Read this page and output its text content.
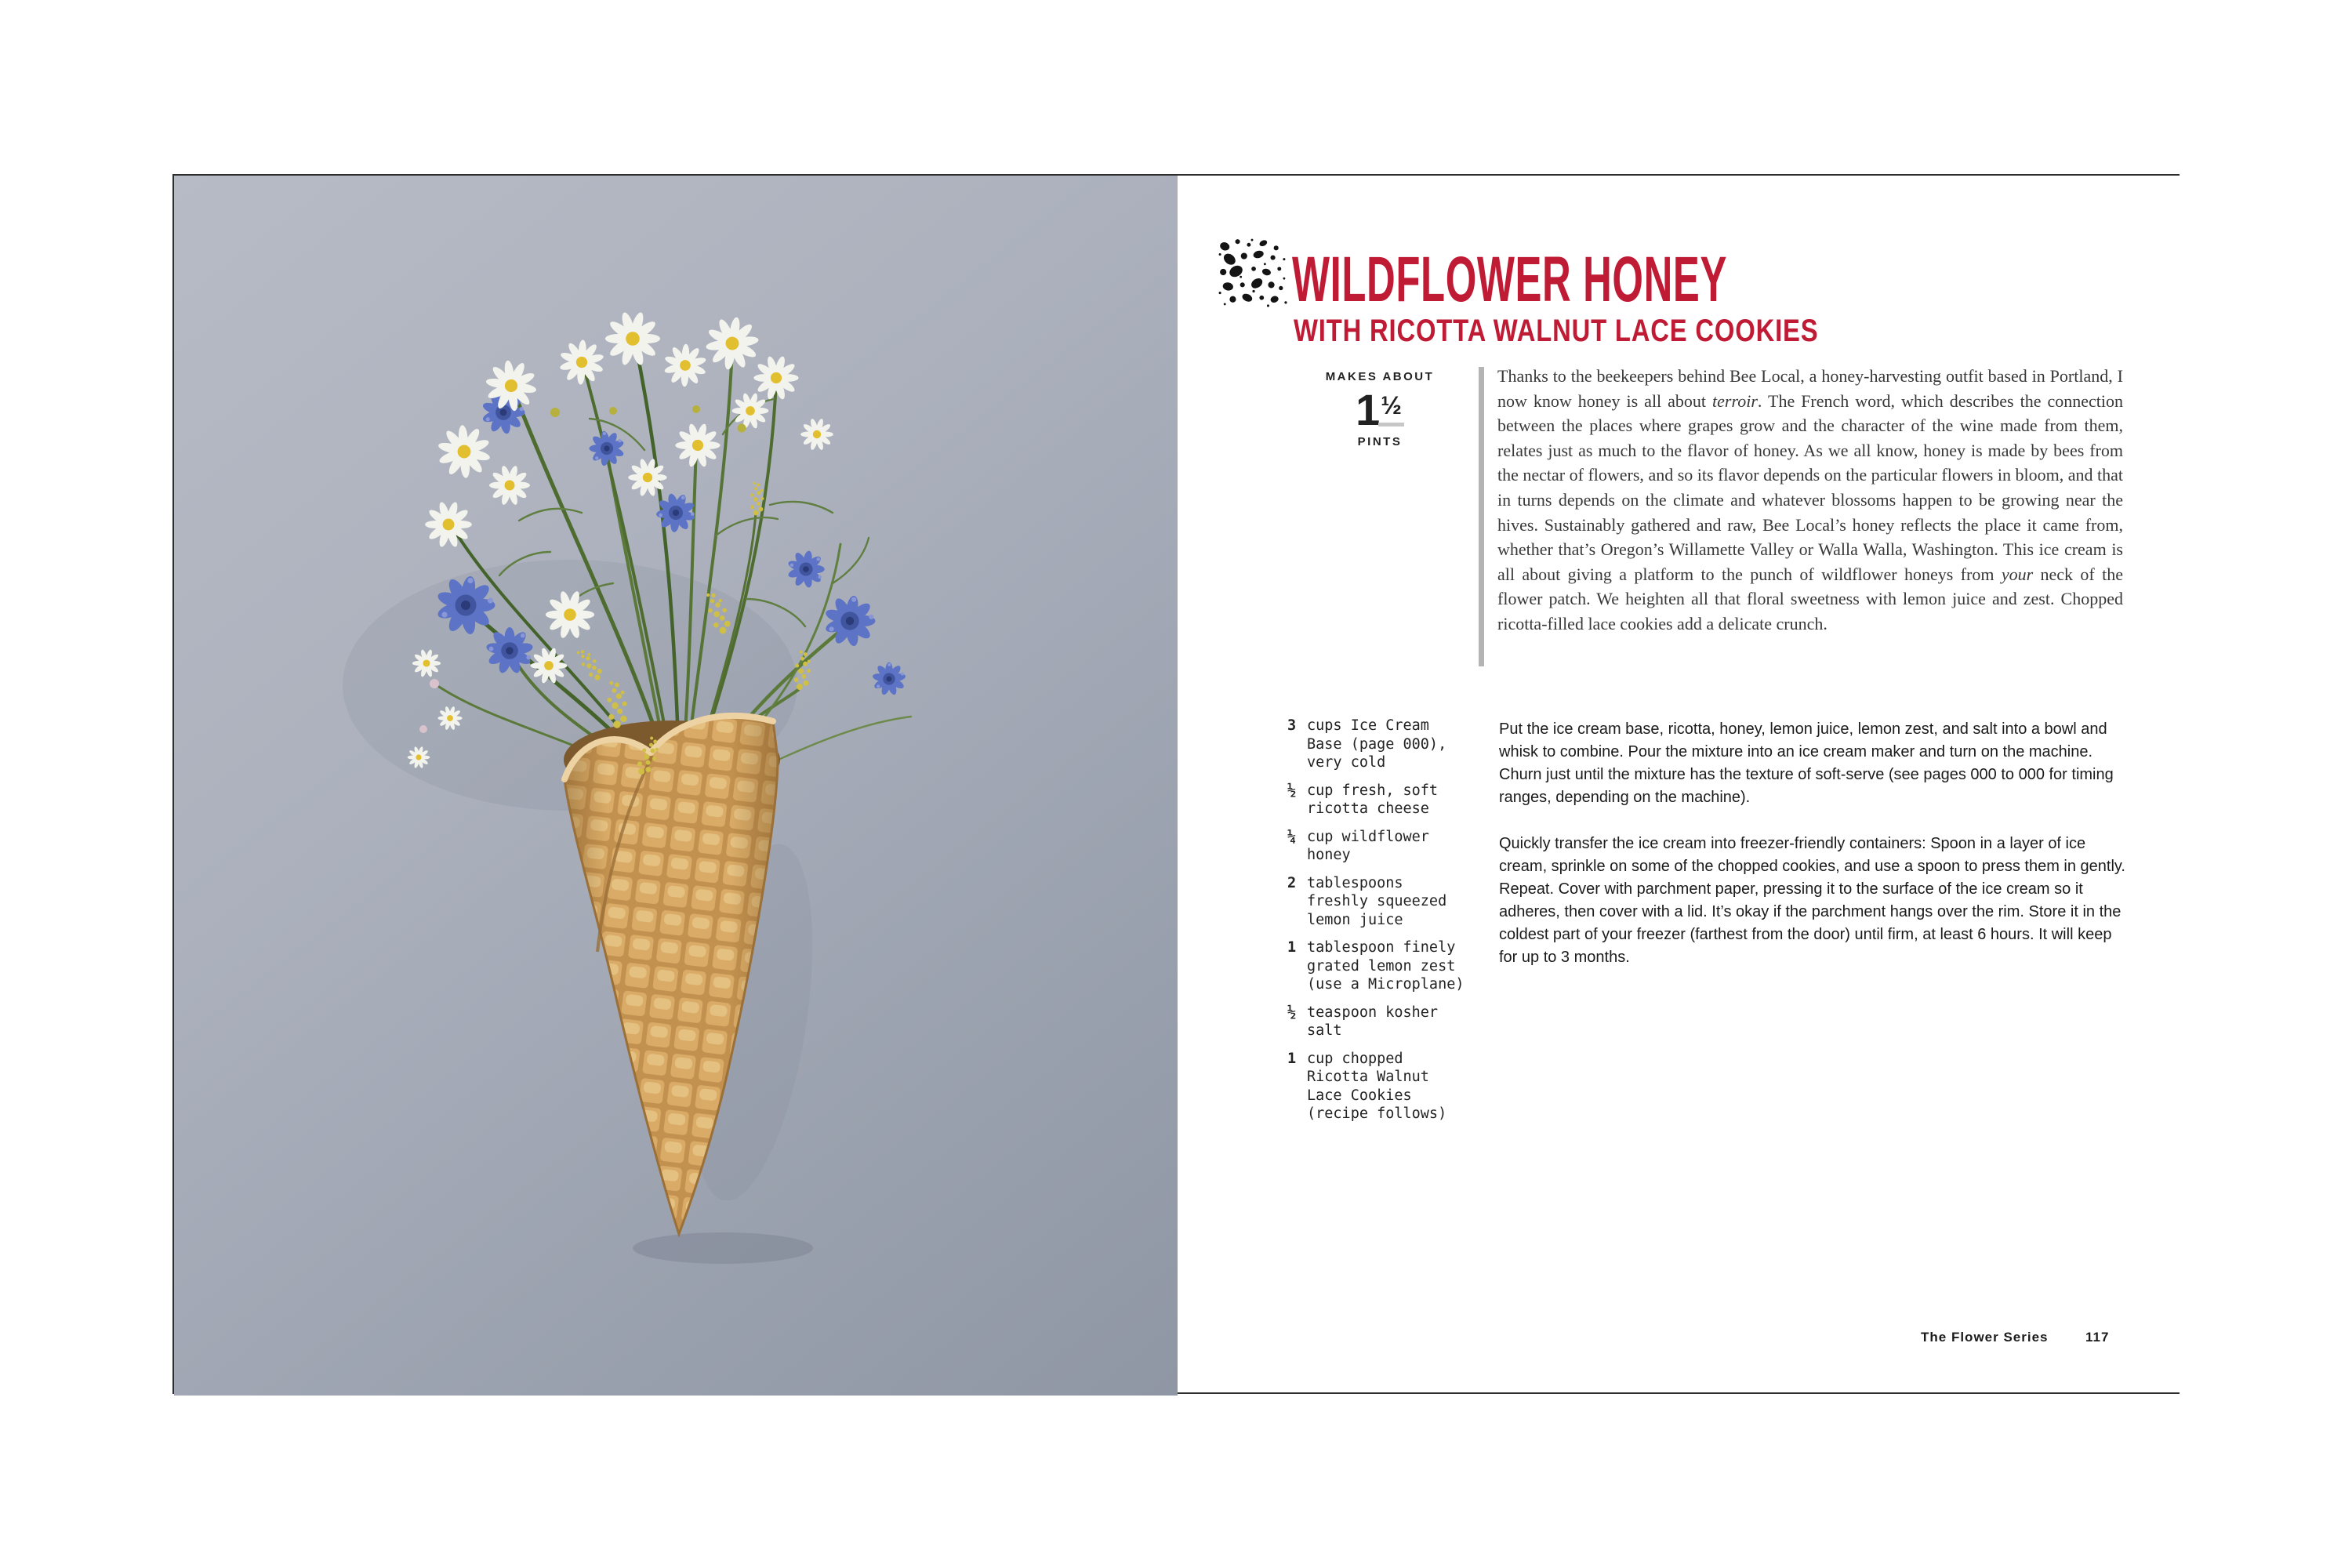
WILDFLOWER HONEY
WITH RICOTTA WALNUT LACE COOKIES
MAKES ABOUT
1½
PINTS

Thanks to the beekeepers behind Bee Local, a honey-harvesting outfit based in Portland, I now know honey is all about terroir. The French word, which describes the connection between the places where grapes grow and the character of the wine made from them, relates just as much to the flavor of honey. As we all know, honey is made by bees from the nectar of flowers, and so its flavor depends on the particular flowers in bloom, and that in turns depends on the climate and whatever blossoms happen to be growing near the hives. Sustainably gathered and raw, Bee Local’s honey reflects the place it came from, whether that’s Oregon’s Willamette Valley or Walla Walla, Washington. This ice cream is all about giving a platform to the punch of wildflower honeys from your neck of the flower patch. We heighten all that floral sweetness with lemon juice and zest. Chopped ricotta-filled lace cookies add a delicate crunch.

3 cups Ice Cream Base (page 000), very cold
½ cup fresh, soft ricotta cheese
¼ cup wildflower honey
2 tablespoons freshly squeezed lemon juice
1 tablespoon finely grated lemon zest (use a Microplane)
½ teaspoon kosher salt
1 cup chopped Ricotta Walnut Lace Cookies (recipe follows)

Put the ice cream base, ricotta, honey, lemon juice, lemon zest, and salt into a bowl and whisk to combine. Pour the mixture into an ice cream maker and turn on the machine. Churn just until the mixture has the texture of soft-serve (see pages 000 to 000 for timing ranges, depending on the machine).

Quickly transfer the ice cream into freezer-friendly containers: Spoon in a layer of ice cream, sprinkle on some of the chopped cookies, and use a spoon to press them in gently. Repeat. Cover with parchment paper, pressing it to the surface of the ice cream so it adheres, then cover with a lid. It’s okay if the parchment hangs over the rim. Store it in the coldest part of your freezer (farthest from the door) until firm, at least 6 hours. It will keep for up to 3 months.

The Flower Series	117
